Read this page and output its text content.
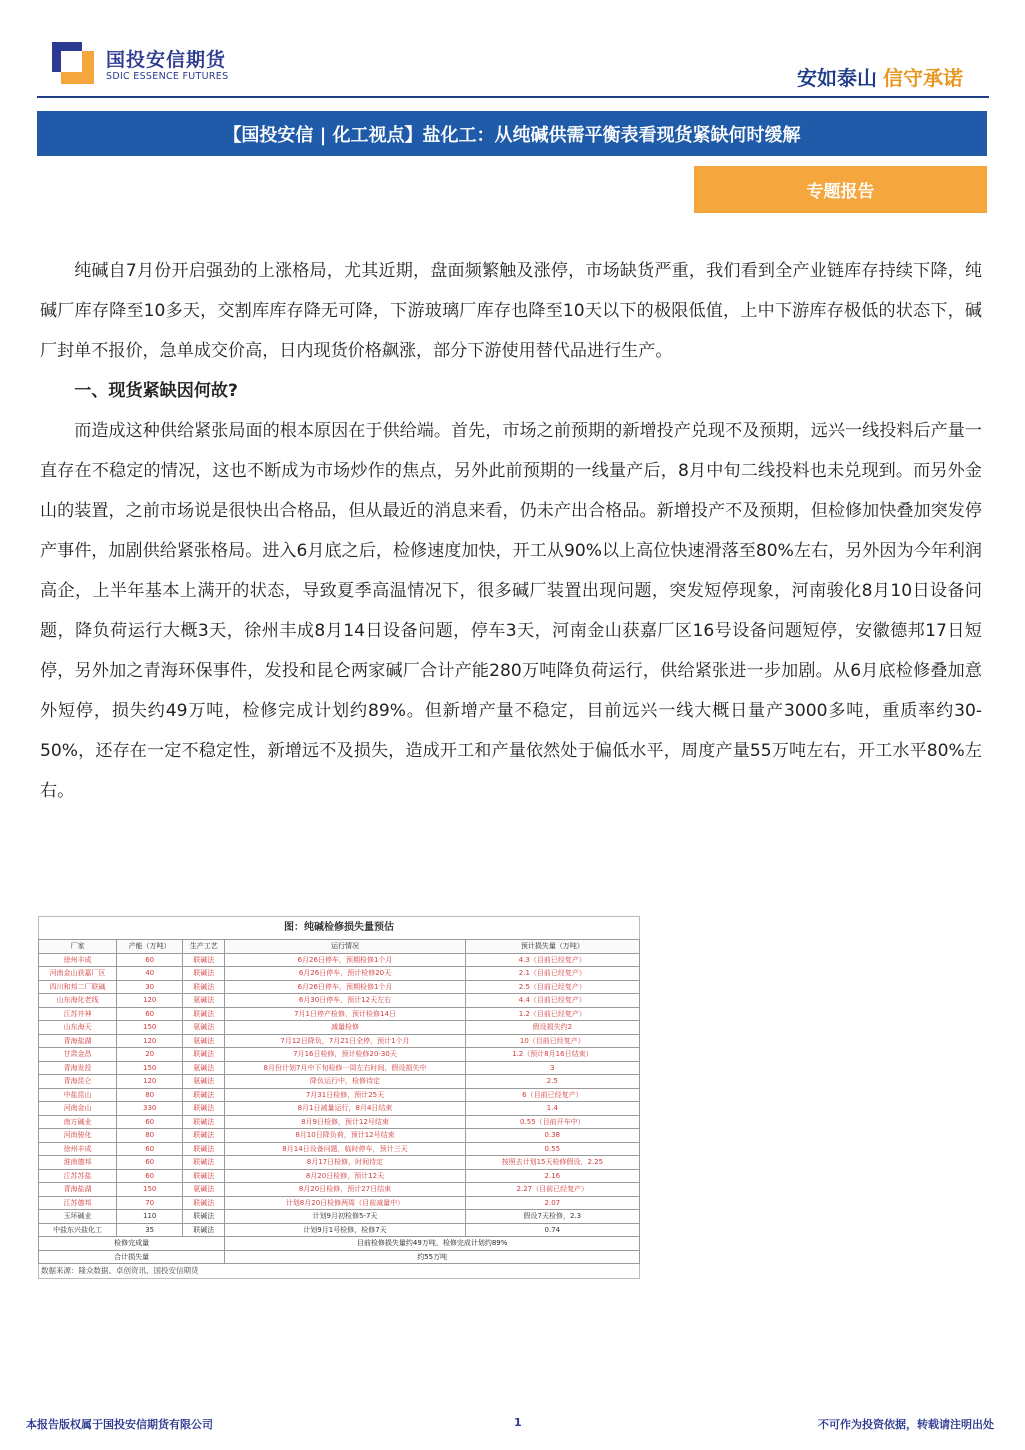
国投安信期货
SDIC ESSENCE FUTURES	安如泰山 信守承诺
【国投安信 | 化工视点】盐化工：从纯碱供需平衡表看现货紧缺何时缓解
专题报告

纯碱自7月份开启强劲的上涨格局，尤其近期，盘面频繁触及涨停，市场缺货严重，我们看到全产业链库存持续下降，纯碱厂库存降至10多天，交割库库存降无可降，下游玻璃厂库存也降至10天以下的极限低值，上中下游库存极低的状态下，碱厂封单不报价，急单成交价高，日内现货价格飙涨，部分下游使用替代品进行生产。

一、现货紧缺因何故?

而造成这种供给紧张局面的根本原因在于供给端。首先，市场之前预期的新增投产兑现不及预期，远兴一线投料后产量一直存在不稳定的情况，这也不断成为市场炒作的焦点，另外此前预期的一线量产后，8月中旬二线投料也未兑现到。而另外金山的装置，之前市场说是很快出合格品，但从最近的消息来看，仍未产出合格品。新增投产不及预期，但检修加快叠加突发停产事件，加剧供给紧张格局。进入6月底之后，检修速度加快，开工从90%以上高位快速滑落至80%左右，另外因为今年利润高企，上半年基本上满开的状态，导致夏季高温情况下，很多碱厂装置出现问题，突发短停现象，河南骏化8月10日设备问题，降负荷运行大概3天，徐州丰成8月14日设备问题，停车3天，河南金山获嘉厂区16号设备问题短停，安徽德邦17日短停，另外加之青海环保事件，发投和昆仑两家碱厂合计产能280万吨降负荷运行，供给紧张进一步加剧。从6月底检修叠加意外短停，损失约49万吨，检修完成计划约89%。但新增产量不稳定，目前远兴一线大概日量产3000多吨，重质率约30-50%，还存在一定不稳定性，新增远不及损失，造成开工和产量依然处于偏低水平，周度产量55万吨左右，开工水平80%左右。

图：纯碱检修损失量预估
厂家	产能（万吨）	生产工艺	运行情况	预计损失量（万吨）
徐州丰成	60	联碱法	6月26日停车，预期检修1个月	4.3（目前已经复产）
河南金山获嘉厂区	40	联碱法	6月26日停车，预计检修20天	2.1（目前已经复产）
四川和邦二厂联碱	30	联碱法	6月26日停车，预期检修1个月	2.5（目前已经复产）
山东海化老线	120	氨碱法	6月30日停车，预计12天左右	4.4（目前已经复产）
江苏井神	60	联碱法	7月1日停产检修，预计检修14日	1.2（目前已经复产）
山东海天	150	氨碱法	减量检修	假设损失约2
青海盐湖	120	氨碱法	7月12日降负，7月21日全停，预计1个月	10（目前已经复产）
甘肃金昌	20	联碱法	7月16日检修，预计检修20-30天	1.2（预计8月16日结束）
青海发投	150	氨碱法	8月份计划7月中下旬检修一周左右时间，假设损失中	3
青海昆仑	120	氨碱法	降负运行中，检修待定	2.5
中盐昆山	80	联碱法	7月31日检修，预计25天	6（目前已经复产）
河南金山	330	联碱法	8月1日减量运行，8月4日结束	1.4
南方碱业	60	联碱法	8月9日检修，预计12号结束	0.55（目前开车中）
河南骏化	80	联碱法	8月10日降负荷，预计12号结束	0.38
徐州丰成	60	联碱法	8月14日设备问题，临时停车，预计三天	0.55
淮南德邦	60	联碱法	8月17日检修，时间待定	按照去计划15天检修假设，2.25
江苏苏盐	60	联碱法	8月20日检修，预计12天	2.16
青海盐湖	150	氨碱法	8月20日检修，预计27日结束	2.27（目前已经复产）
江苏德邦	70	联碱法	计划8月20日检修两周（目前减量中）	2.07
玉环碱业	110	联碱法	计划9月初检修5-7天	假设7天检修，2.3
中盐东兴盐化工	35	联碱法	计划9月1号检修，检修7天	0.74
检修完成量			目前检修损失量约49万吨，检修完成计划约89%	
合计损失量			约55万吨	
数据来源：隆众数据、卓创资讯、国投安信期货
本报告版权属于国投安信期货有限公司	1	不可作为投资依据，转载请注明出处
